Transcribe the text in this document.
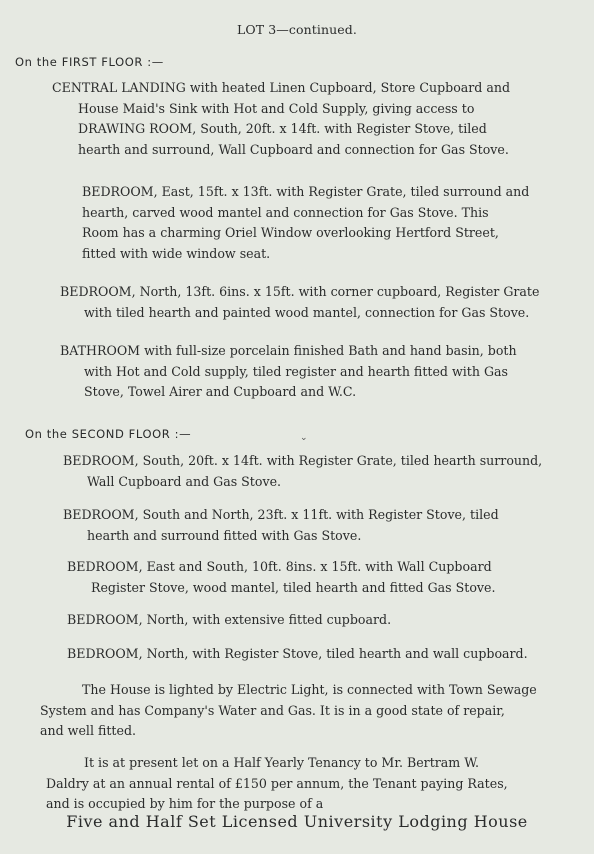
LOT 3—continued.
On the FIRST FLOOR :—
CENTRAL LANDING with heated Linen Cupboard, Store Cupboard and
House Maid's Sink with Hot and Cold Supply, giving access to
DRAWING ROOM, South, 20ft. x 14ft. with Register Stove, tiled
hearth and surround, Wall Cupboard and connection for Gas Stove.
BEDROOM, East, 15ft. x 13ft. with Register Grate, tiled surround and
hearth, carved wood mantel and connection for Gas Stove. This
Room has a charming Oriel Window overlooking Hertford Street,
fitted with wide window seat.
BEDROOM, North, 13ft. 6ins. x 15ft. with corner cupboard, Register Grate
with tiled hearth and painted wood mantel, connection for Gas Stove.
BATHROOM with full-size porcelain finished Bath and hand basin, both
with Hot and Cold supply, tiled register and hearth fitted with Gas
Stove, Towel Airer and Cupboard and W.C.
On the SECOND FLOOR :—	⌄
BEDROOM, South, 20ft. x 14ft. with Register Grate, tiled hearth surround,
Wall Cupboard and Gas Stove.
BEDROOM, South and North, 23ft. x 11ft. with Register Stove, tiled
hearth and surround fitted with Gas Stove.
BEDROOM, East and South, 10ft. 8ins. x 15ft. with Wall Cupboard
Register Stove, wood mantel, tiled hearth and fitted Gas Stove.
BEDROOM, North, with extensive fitted cupboard.
BEDROOM, North, with Register Stove, tiled hearth and wall cupboard.
The House is lighted by Electric Light, is connected with Town Sewage
System and has Company's Water and Gas. It is in a good state of repair,
and well fitted.
It is at present let on a Half Yearly Tenancy to Mr. Bertram W.
Daldry at an annual rental of £150 per annum, the Tenant paying Rates,
and is occupied by him for the purpose of a
Five and Half Set Licensed University Lodging House
